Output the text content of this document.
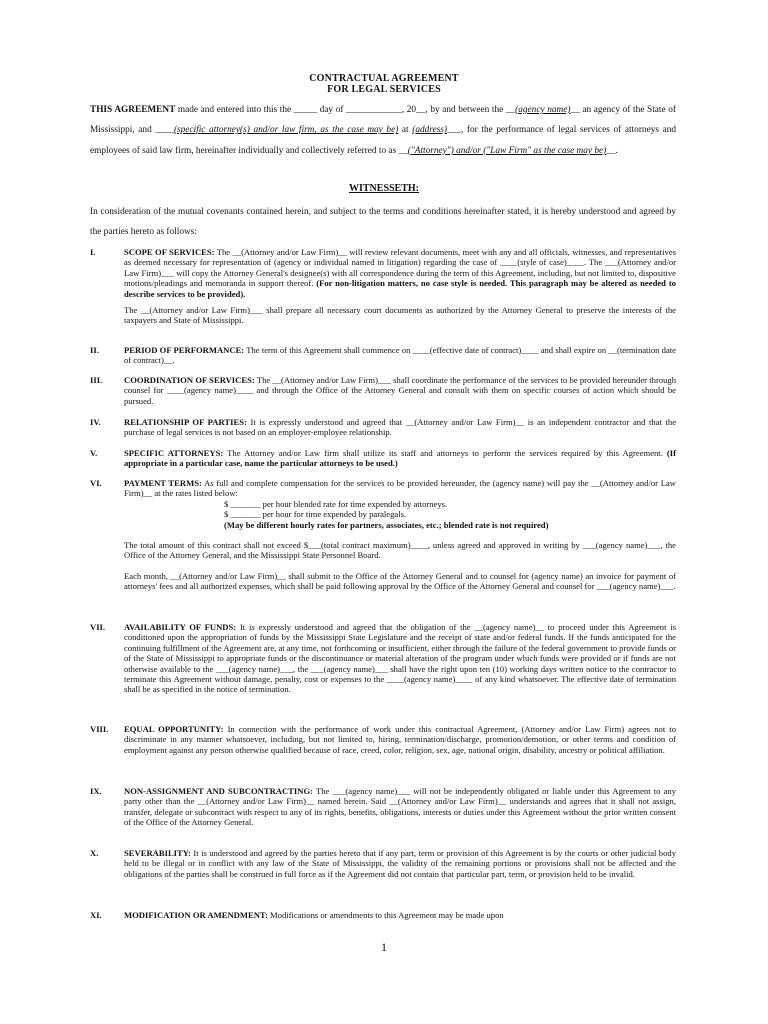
CONTRACTUAL AGREEMENT
FOR LEGAL SERVICES
THIS AGREEMENT made and entered into this the _____ day of ____________, 20__, by and between the __(agency name)__ an agency of the State of Mississippi, and ____(specific attorney(s) and/or law firm, as the case may be) at (address)___, for the performance of legal services of attorneys and employees of said law firm, hereinafter individually and collectively referred to as __("Attorney") and/or ("Law Firm" as the case may be)__.
WITNESSETH:
In consideration of the mutual covenants contained herein, and subject to the terms and conditions hereinafter stated, it is hereby understood and agreed by the parties hereto as follows:
I.	SCOPE OF SERVICES: The __(Attorney and/or Law Firm)__ will review relevant documents, meet with any and all officials, witnesses, and representatives as deemed necessary for representation of (agency or individual named in litigation) regarding the case of ____(style of case)____. The ___(Attorney and/or Law Firm)___ will copy the Attorney General's designee(s) with all correspondence during the term of this Agreement, including, but not limited to, dispositive motions/pleadings and memoranda in support thereof. (For non-litigation matters, no case style is needed. This paragraph may be altered as needed to describe services to be provided).
The __(Attorney and/or Law Firm)___ shall prepare all necessary court documents as authorized by the Attorney General to preserve the interests of the taxpayers and State of Mississippi.
II.	PERIOD OF PERFORMANCE: The term of this Agreement shall commence on ____(effective date of contract)____ and shall expire on __(termination date of contract)__.
III.	COORDINATION OF SERVICES: The __(Attorney and/or Law Firm)___ shall coordinate the performance of the services to be provided hereunder through counsel for ____(agency name)____ and through the Office of the Attorney General and consult with them on specific courses of action which should be pursued.
IV.	RELATIONSHIP OF PARTIES: It is expressly understood and agreed that __(Attorney and/or Law Firm)__ is an independent contractor and that the purchase of legal services is not based on an employer-employee relationship.
V.	SPECIFIC ATTORNEYS: The Attorney and/or Law firm shall utilize its staff and attorneys to perform the services required by this Agreement. (If appropriate in a particular case, name the particular attorneys to be used.)
VI.	PAYMENT TERMS: As full and complete compensation for the services to be provided hereunder, the (agency name) will pay the __(Attorney and/or Law Firm)__ at the rates listed below:
$ _______ per hour blended rate for time expended by attorneys.
$ _______ per hour for time expended by paralegals.
(May be different hourly rates for partners, associates, etc.; blended rate is not required)
The total amount of this contract shall not exceed $___(total contract maximum)____, unless agreed and approved in writing by ___(agency name)___, the Office of the Attorney General, and the Mississippi State Personnel Board.
Each month, __(Attorney and/or Law Firm)__ shall submit to the Office of the Attorney General and to counsel for (agency name) an invoice for payment of attorneys' fees and all authorized expenses, which shall be paid following approval by the Office of the Attorney General and counsel for ___(agency name)___.
VII.	AVAILABILITY OF FUNDS: It is expressly understood and agreed that the obligation of the __(agency name)__ to proceed under this Agreement is conditioned upon the appropriation of funds by the Mississippi State Legislature and the receipt of state and/or federal funds. If the funds anticipated for the continuing fulfillment of the Agreement are, at any time, not forthcoming or insufficient, either through the failure of the federal government to provide funds or of the State of Mississippi to appropriate funds or the discontinuance or material alteration of the program under which funds were provided or if funds are not otherwise available to the ___(agency name)___, the ___(agency name)___ shall have the right upon ten (10) working days written notice to the contractor to terminate this Agreement without damage, penalty, cost or expenses to the ____(agency name)____ of any kind whatsoever. The effective date of termination shall be as specified in the notice of termination.
VIII.	EQUAL OPPORTUNITY: In connection with the performance of work under this contractual Agreement, (Attorney and/or Law Firm) agrees not to discriminate in any manner whatsoever, including, but not limited to, hiring, termination/discharge, promotion/demotion, or other terms and condition of employment against any person otherwise qualified because of race, creed, color, religion, sex, age, national origin, disability, ancestry or political affiliation.
IX.	NON-ASSIGNMENT AND SUBCONTRACTING: The ___(agency name)___ will not be independently obligated or liable under this Agreement to any party other than the __(Attorney and/or Law Firm)__ named herein. Said __(Attorney and/or Law Firm)__ understands and agrees that it shall not assign, transfer, delegate or subcontract with respect to any of its rights, benefits, obligations, interests or duties under this Agreement without the prior written consent of the Office of the Attorney General.
X.	SEVERABILITY: It is understood and agreed by the parties hereto that if any part, term or provision of this Agreement is by the courts or other judicial body held to be illegal or in conflict with any law of the State of Mississippi, the validity of the remaining portions or provisions shall not be affected and the obligations of the parties shall be construed in full force as if the Agreement did not contain that particular part, term, or provision held to be invalid.
XI.	MODIFICATION OR AMENDMENT: Modifications or amendments to this Agreement may be made upon
1
